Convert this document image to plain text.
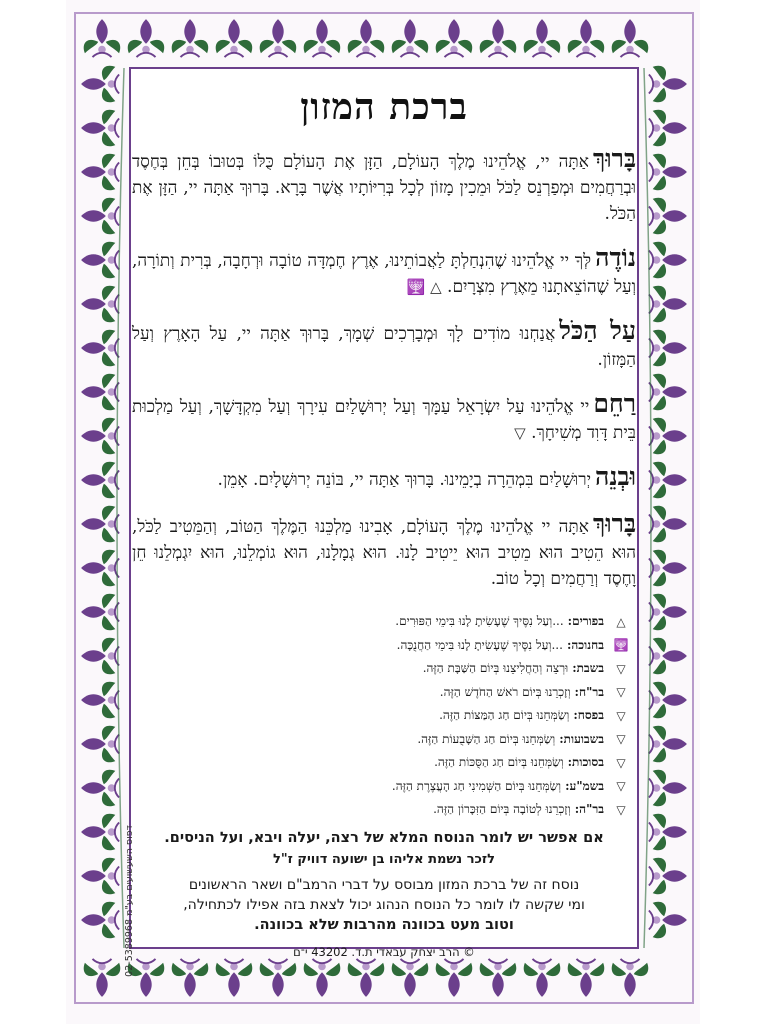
דפוס השעשועים בע"מ 02-5389968
ברכת המזון

בָּרוּךְאַתָּה יי, אֱלֹהֵינוּ מֶלֶךְ הָעוֹלָם, הַזָּן אֶת הָעוֹלָם כֻּלּוֹ בְּטוּבוֹ בְּחֵן בְּחֶסֶד וּבְרַחֲמִים וּמְפַרְנֵס לַכֹּל וּמֵכִין מָזוֹן לְכָל בְּרִיּוֹתָיו אֲשֶׁר בָּרָא. בָּרוּךְ אַתָּה יי, הַזָּן אֶת הַכֹּל.

נוֹדֶהלְּךָ יי אֱלֹהֵינוּ שֶׁהִנְחַלְתָּ לַאֲבוֹתֵינוּ, אֶרֶץ חֶמְדָּה טוֹבָה וּרְחָבָה, בְּרִית וְתוֹרָה, וְעַל שֶׁהוֹצֵאתָנוּ מֵאֶרֶץ מִצְרָיִם. △ 🕎

עַל הַכֹּלאֲנַחְנוּ מוֹדִים לָךְ וּמְבָרְכִים שְׁמָךְ, בָּרוּךְ אַתָּה יי, עַל הָאָרֶץ וְעַל הַמָּזוֹן.

רַחֵםיי אֱלֹהֵינוּ עַל יִשְׂרָאֵל עַמָּךְ וְעַל יְרוּשָׁלַיִם עִירָךְ וְעַל מִקְדָּשָׁךְ, וְעַל מַלְכוּת בֵּית דָּוִד מְשִׁיחָךְ. ▽

וּבְנֵהיְרוּשָׁלַיִם בִּמְהֵרָה בְיָמֵינוּ. בָּרוּךְ אַתָּה יי, בּוֹנֵה יְרוּשָׁלָיִם. אָמֵן.

בָּרוּךְאַתָּה יי אֱלֹהֵינוּ מֶלֶךְ הָעוֹלָם, אָבִינוּ מַלְכֵּנוּ הַמֶּלֶךְ הַטּוֹב, וְהַמֵּטִיב לַכֹּל, הוּא הֵטִיב הוּא מֵטִיב הוּא יֵיטִיב לָנוּ. הוּא גְמָלָנוּ, הוּא גוֹמְלֵנוּ, הוּא יִגְמְלֵנוּ חֵן וָחֶסֶד וְרַחֲמִים וְכָל טוֹב.

△
בפורים:
...וְעַל נִסֶּיךָ שֶׁעָשִׂיתָ לָנוּ בִּימֵי הַפּוּרִים.
🕎
בחנוכה:
...וְעַל נִסֶּיךָ שֶׁעָשִׂיתָ לָנוּ בִּימֵי הַחֲנֻכָּה.
▽
בשבת:
וּרְצֵה וְהַחֲלִיצֵנוּ בְּיוֹם הַשַּׁבָּת הַזֶּה.
▽
בר"ח:
וְזָכְרֵנוּ בְּיוֹם רֹאשׁ הַחֹדֶשׁ הַזֶּה.
▽
בפסח:
וְשַׂמְּחֵנוּ בְּיוֹם חַג הַמַּצּוֹת הַזֶּה.
▽
בשבועות:
וְשַׂמְּחֵנוּ בְּיוֹם חַג הַשָּׁבֻעוֹת הַזֶּה.
▽
בסוכות:
וְשַׂמְּחֵנוּ בְּיוֹם חַג הַסֻּכּוֹת הַזֶּה.
▽
בשמ"ע:
וְשַׂמְּחֵנוּ בְּיוֹם הַשְּׁמִינִי חַג הָעֲצֶרֶת הַזֶּה.
▽
בר"ה:
וְזָכְרֵנוּ לְטוֹבָה בְּיוֹם הַזִּכָּרוֹן הַזֶּה.
אם אפשר יש לומר הנוסח המלא של רצה, יעלה ויבא, ועל הניסים.
לזכר נשמת אליהו בן ישועה דוויק ז"ל

נוסח זה של ברכת המזון מבוסס על דברי הרמב"ם ושאר הראשונים

ומי שקשה לו לומר כל הנוסח הנהוג יכול לצאת בזה אפילו לכתחילה,

וטוב מעט בכוונה מהרבות שלא בכוונה.

© הרב יצחק עבאדי ת.ד. 43202 י־ם
